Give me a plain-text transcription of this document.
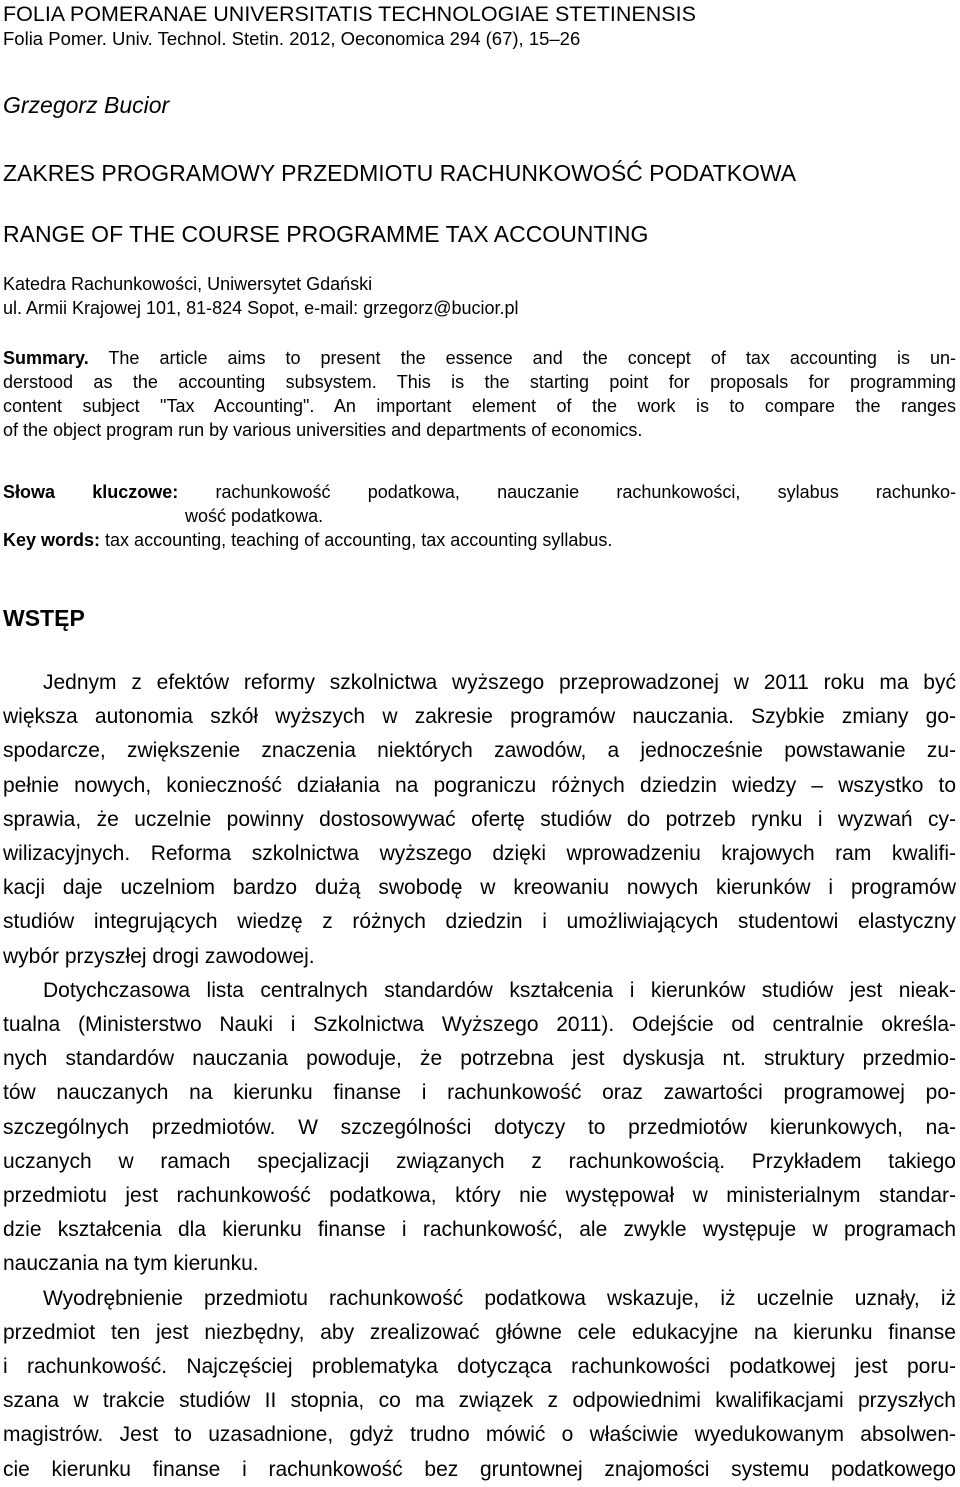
FOLIA POMERANAE UNIVERSITATIS TECHNOLOGIAE STETINENSIS
Folia Pomer. Univ. Technol. Stetin. 2012, Oeconomica 294 (67), 15–26
Grzegorz Bucior
ZAKRES PROGRAMOWY PRZEDMIOTU RACHUNKOWOŚĆ PODATKOWA
RANGE OF THE COURSE PROGRAMME TAX ACCOUNTING
Katedra Rachunkowości, Uniwersytet Gdański
ul. Armii Krajowej 101, 81-824 Sopot, e-mail: grzegorz@bucior.pl
Summary. The article aims to present the essence and the concept of tax accounting is un-
derstood as the accounting subsystem. This is the starting point for proposals for programming
content subject "Tax Accounting". An important element of the work is to compare the ranges
of the object program run by various universities and departments of economics.
Słowa kluczowe: rachunkowość podatkowa, nauczanie rachunkowości, sylabus rachunko-
wość podatkowa.
Key words: tax accounting, teaching of accounting, tax accounting syllabus.
WSTĘP
Jednym z efektów reformy szkolnictwa wyższego przeprowadzonej w 2011 roku ma być
większa autonomia szkół wyższych w zakresie programów nauczania. Szybkie zmiany go-
spodarcze, zwiększenie znaczenia niektórych zawodów, a jednocześnie powstawanie zu-
pełnie nowych, konieczność działania na pograniczu różnych dziedzin wiedzy – wszystko to
sprawia, że uczelnie powinny dostosowywać ofertę studiów do potrzeb rynku i wyzwań cy-
wilizacyjnych. Reforma szkolnictwa wyższego dzięki wprowadzeniu krajowych ram kwalifi-
kacji daje uczelniom bardzo dużą swobodę w kreowaniu nowych kierunków i programów
studiów integrujących wiedzę z różnych dziedzin i umożliwiających studentowi elastyczny
wybór przyszłej drogi zawodowej.
Dotychczasowa lista centralnych standardów kształcenia i kierunków studiów jest nieak-
tualna (Ministerstwo Nauki i Szkolnictwa Wyższego 2011). Odejście od centralnie określa-
nych standardów nauczania powoduje, że potrzebna jest dyskusja nt. struktury przedmio-
tów nauczanych na kierunku finanse i rachunkowość oraz zawartości programowej po-
szczególnych przedmiotów. W szczególności dotyczy to przedmiotów kierunkowych, na-
uczanych w ramach specjalizacji związanych z rachunkowością. Przykładem takiego
przedmiotu jest rachunkowość podatkowa, który nie występował w ministerialnym standar-
dzie kształcenia dla kierunku finanse i rachunkowość, ale zwykle występuje w programach
nauczania na tym kierunku.
Wyodrębnienie przedmiotu rachunkowość podatkowa wskazuje, iż uczelnie uznały, iż
przedmiot ten jest niezbędny, aby zrealizować główne cele edukacyjne na kierunku finanse
i rachunkowość. Najczęściej problematyka dotycząca rachunkowości podatkowej jest poru-
szana w trakcie studiów II stopnia, co ma związek z odpowiednimi kwalifikacjami przyszłych
magistrów. Jest to uzasadnione, gdyż trudno mówić o właściwie wyedukowanym absolwen-
cie kierunku finanse i rachunkowość bez gruntownej znajomości systemu podatkowego
